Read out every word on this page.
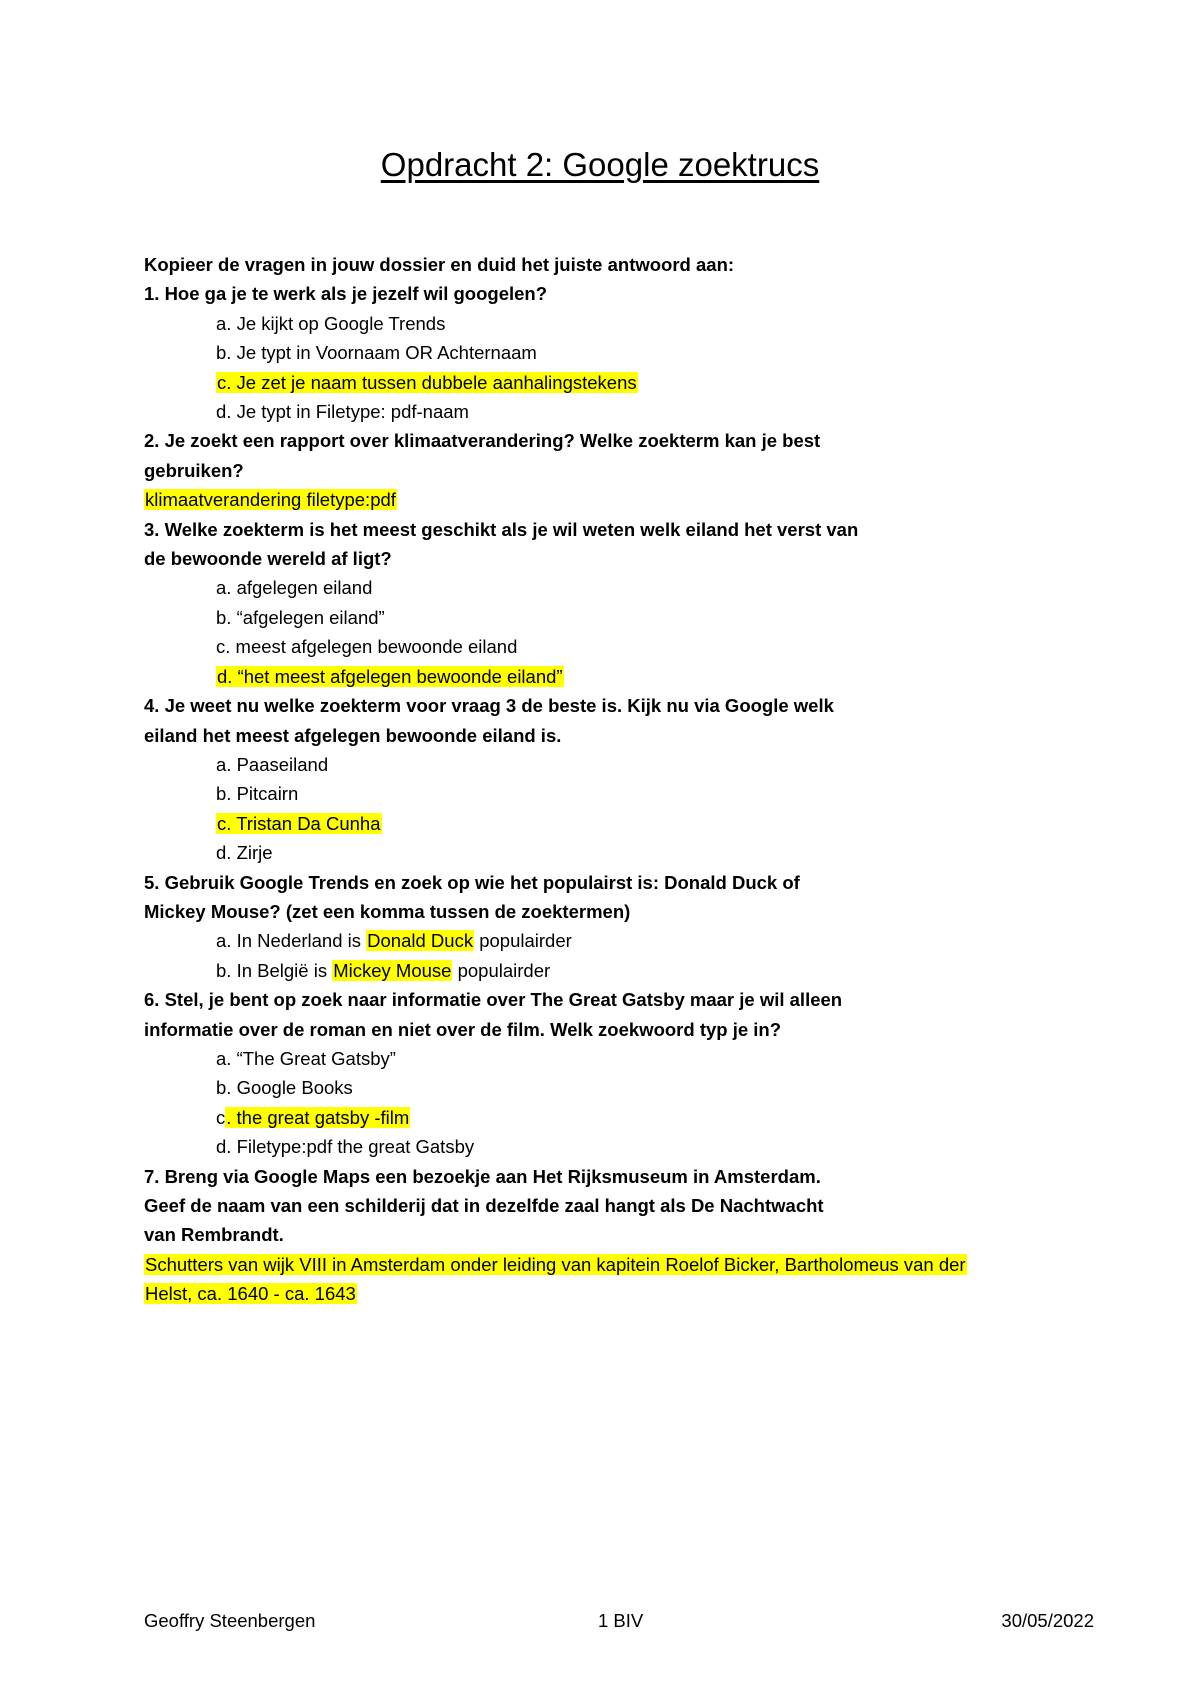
Opdracht 2: Google zoektrucs

Kopieer de vragen in jouw dossier en duid het juiste antwoord aan:

1. Hoe ga je te werk als je jezelf wil googelen?

a. Je kijkt op Google Trends

b. Je typt in Voornaam OR Achternaam

c. Je zet je naam tussen dubbele aanhalingstekens

d. Je typt in Filetype: pdf-naam

2. Je zoekt een rapport over klimaatverandering? Welke zoekterm kan je best

gebruiken?

klimaatverandering filetype:pdf

3. Welke zoekterm is het meest geschikt als je wil weten welk eiland het verst van

de bewoonde wereld af ligt?

a. afgelegen eiland

b. “afgelegen eiland”

c. meest afgelegen bewoonde eiland

d. “het meest afgelegen bewoonde eiland”

4. Je weet nu welke zoekterm voor vraag 3 de beste is. Kijk nu via Google welk

eiland het meest afgelegen bewoonde eiland is.

a. Paaseiland

b. Pitcairn

c. Tristan Da Cunha

d. Zirje

5. Gebruik Google Trends en zoek op wie het populairst is: Donald Duck of

Mickey Mouse? (zet een komma tussen de zoektermen)

a. In Nederland is Donald Duck populairder

b. In België is Mickey Mouse populairder

6. Stel, je bent op zoek naar informatie over The Great Gatsby maar je wil alleen

informatie over de roman en niet over de film. Welk zoekwoord typ je in?

a. “The Great Gatsby”

b. Google Books

c. the great gatsby -film

d. Filetype:pdf the great Gatsby

7. Breng via Google Maps een bezoekje aan Het Rijksmuseum in Amsterdam.

Geef de naam van een schilderij dat in dezelfde zaal hangt als De Nachtwacht

van Rembrandt.

Schutters van wijk VIII in Amsterdam onder leiding van kapitein Roelof Bicker, Bartholomeus van der

Helst, ca. 1640 - ca. 1643

Geoffry Steenbergen	1 BIV	30/05/2022
